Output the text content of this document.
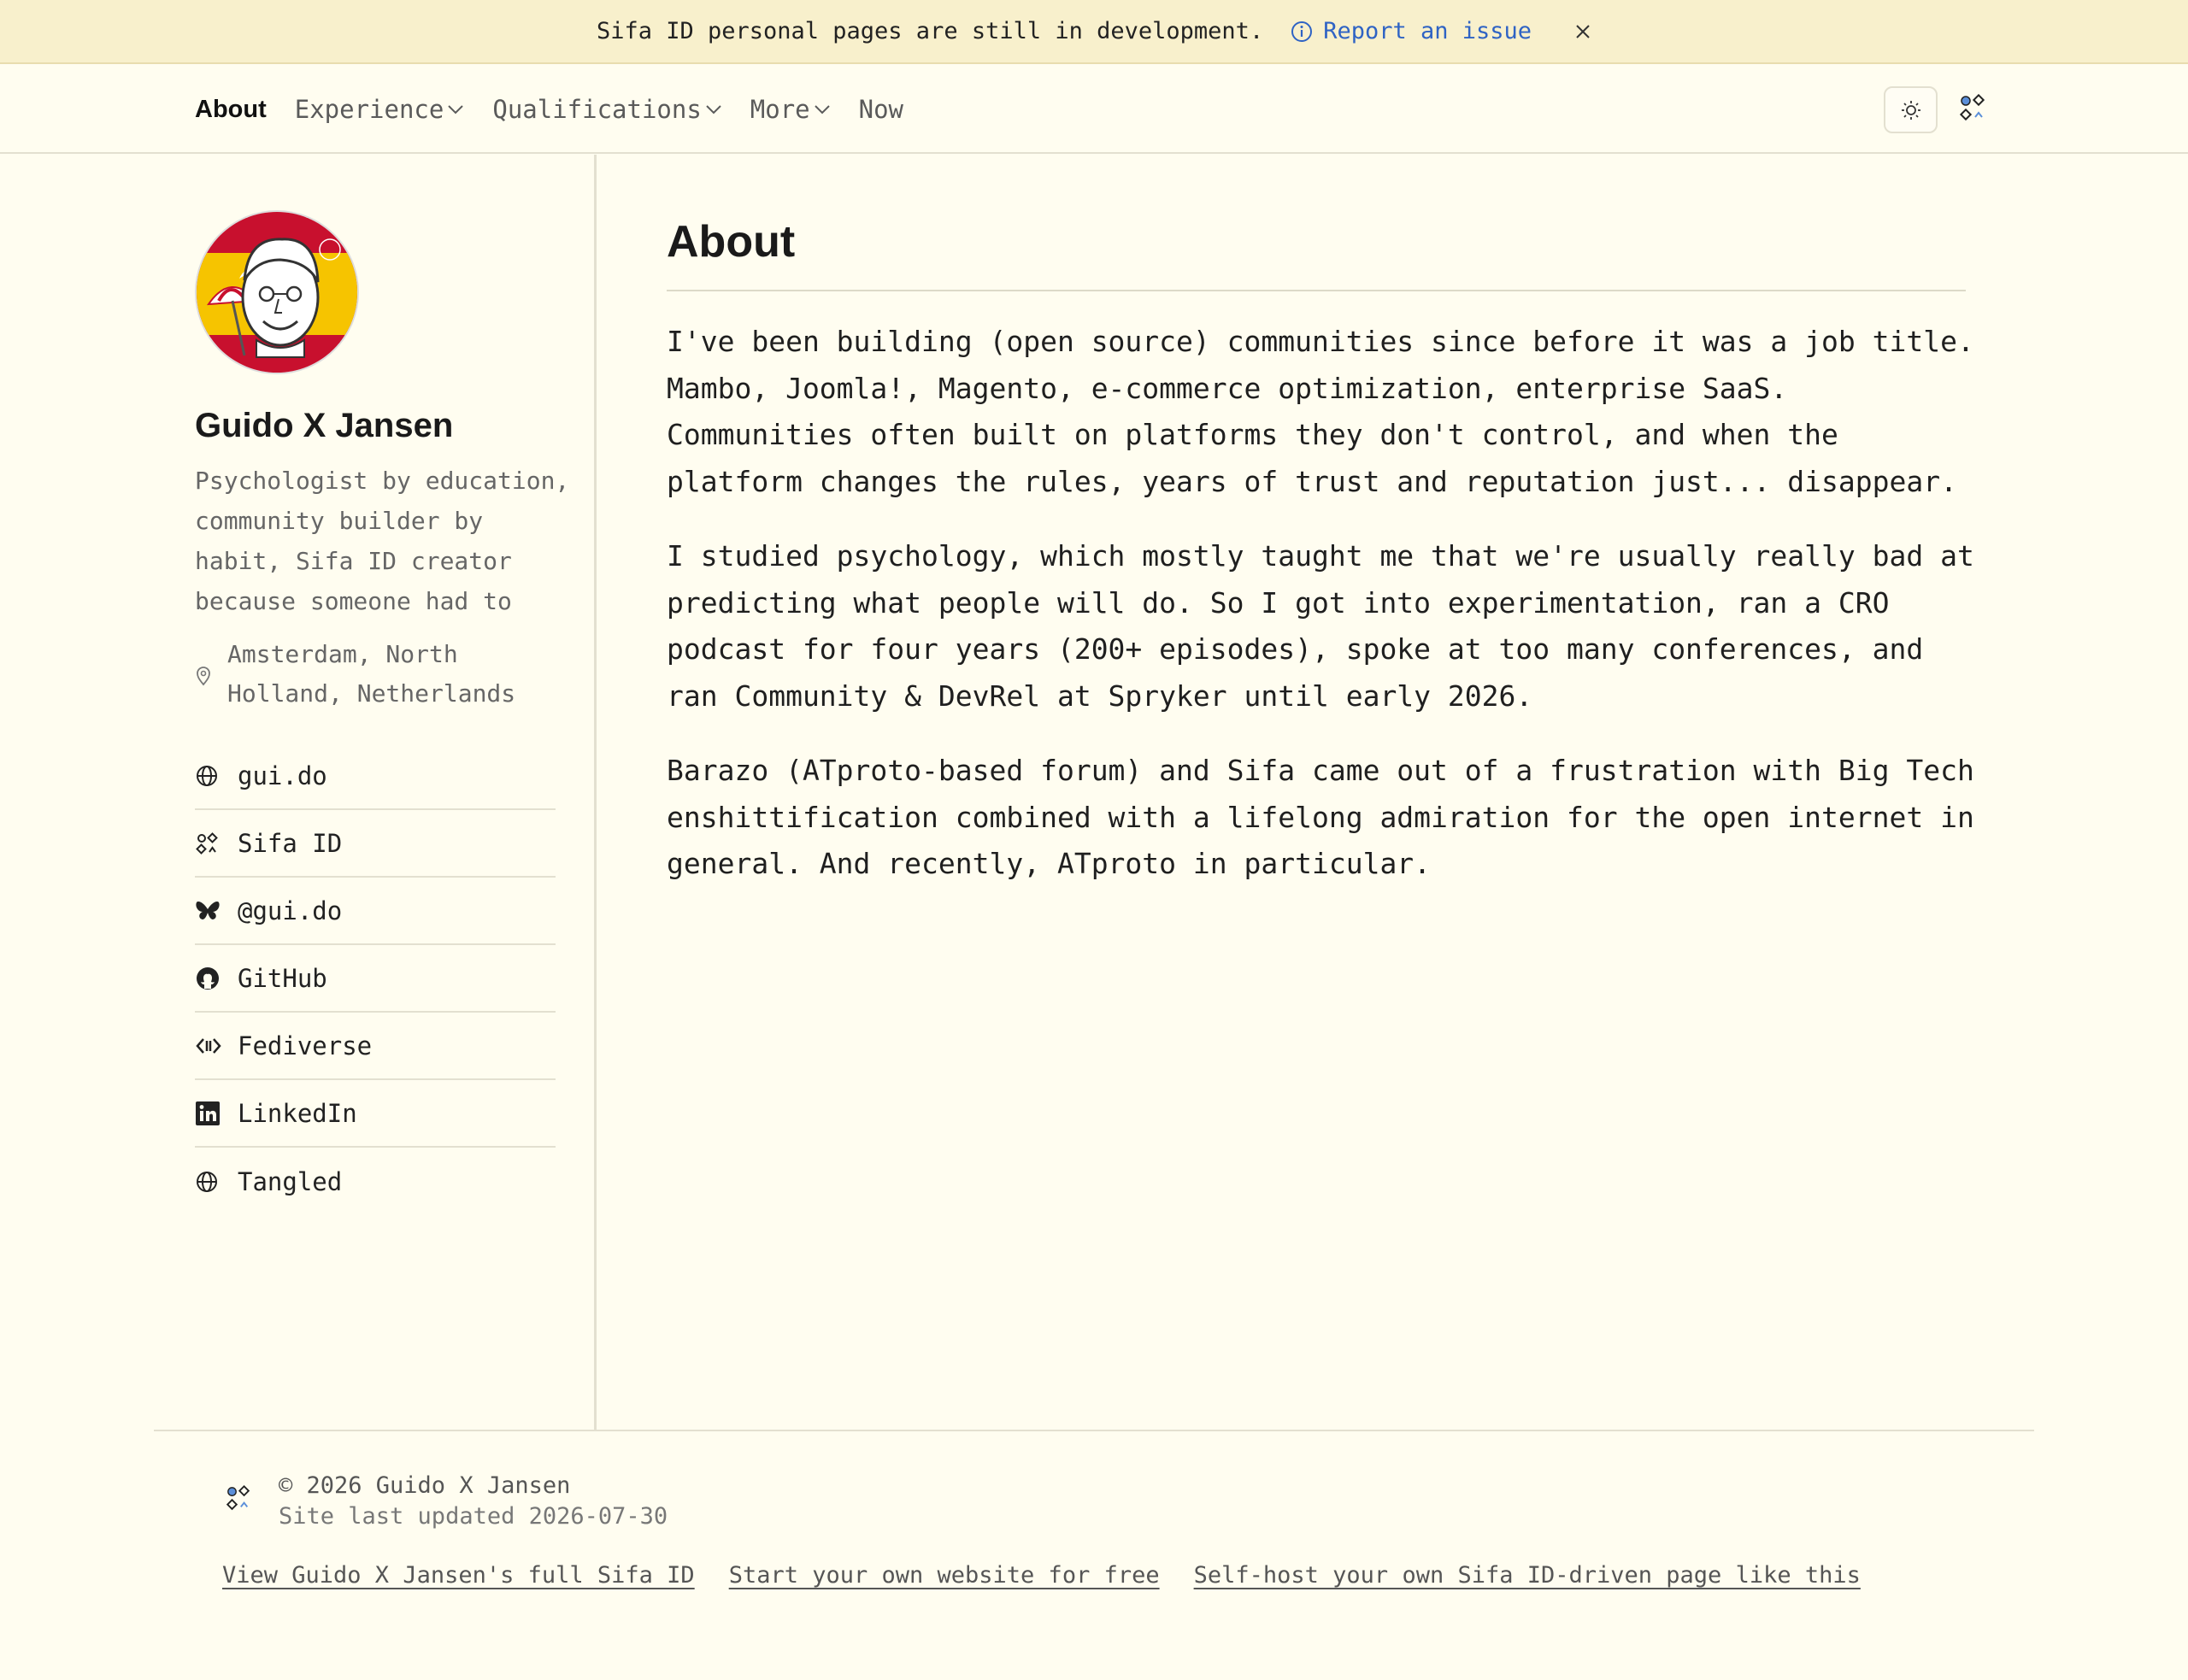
Sifa ID personal pages are still in development.	Report an issue
About Experience Qualifications More Now
Guido X Jansen
Psychologist by education, community builder by habit, Sifa ID creator because someone had to
Amsterdam, North Holland, Netherlands
gui.do
Sifa ID
@gui.do
GitHub
Fediverse
LinkedIn
Tangled
About

I've been building (open source) communities since before it was a job title. Mambo, Joomla!, Magento, e-commerce optimization, enterprise SaaS. Communities often built on platforms they don't control, and when the platform changes the rules, years of trust and reputation just... disappear.

I studied psychology, which mostly taught me that we're usually really bad at predicting what people will do. So I got into experimentation, ran a CRO podcast for four years (200+ episodes), spoke at too many conferences, and ran Community & DevRel at Spryker until early 2026.

Barazo (ATproto-based forum) and Sifa came out of a frustration with Big Tech enshittification combined with a lifelong admiration for the open internet in general. And recently, ATproto in particular.

© 2026 Guido X Jansen
Site last updated 2026-07-30
View Guido X Jansen's full Sifa ID Start your own website for free Self-host your own Sifa ID-driven page like this
